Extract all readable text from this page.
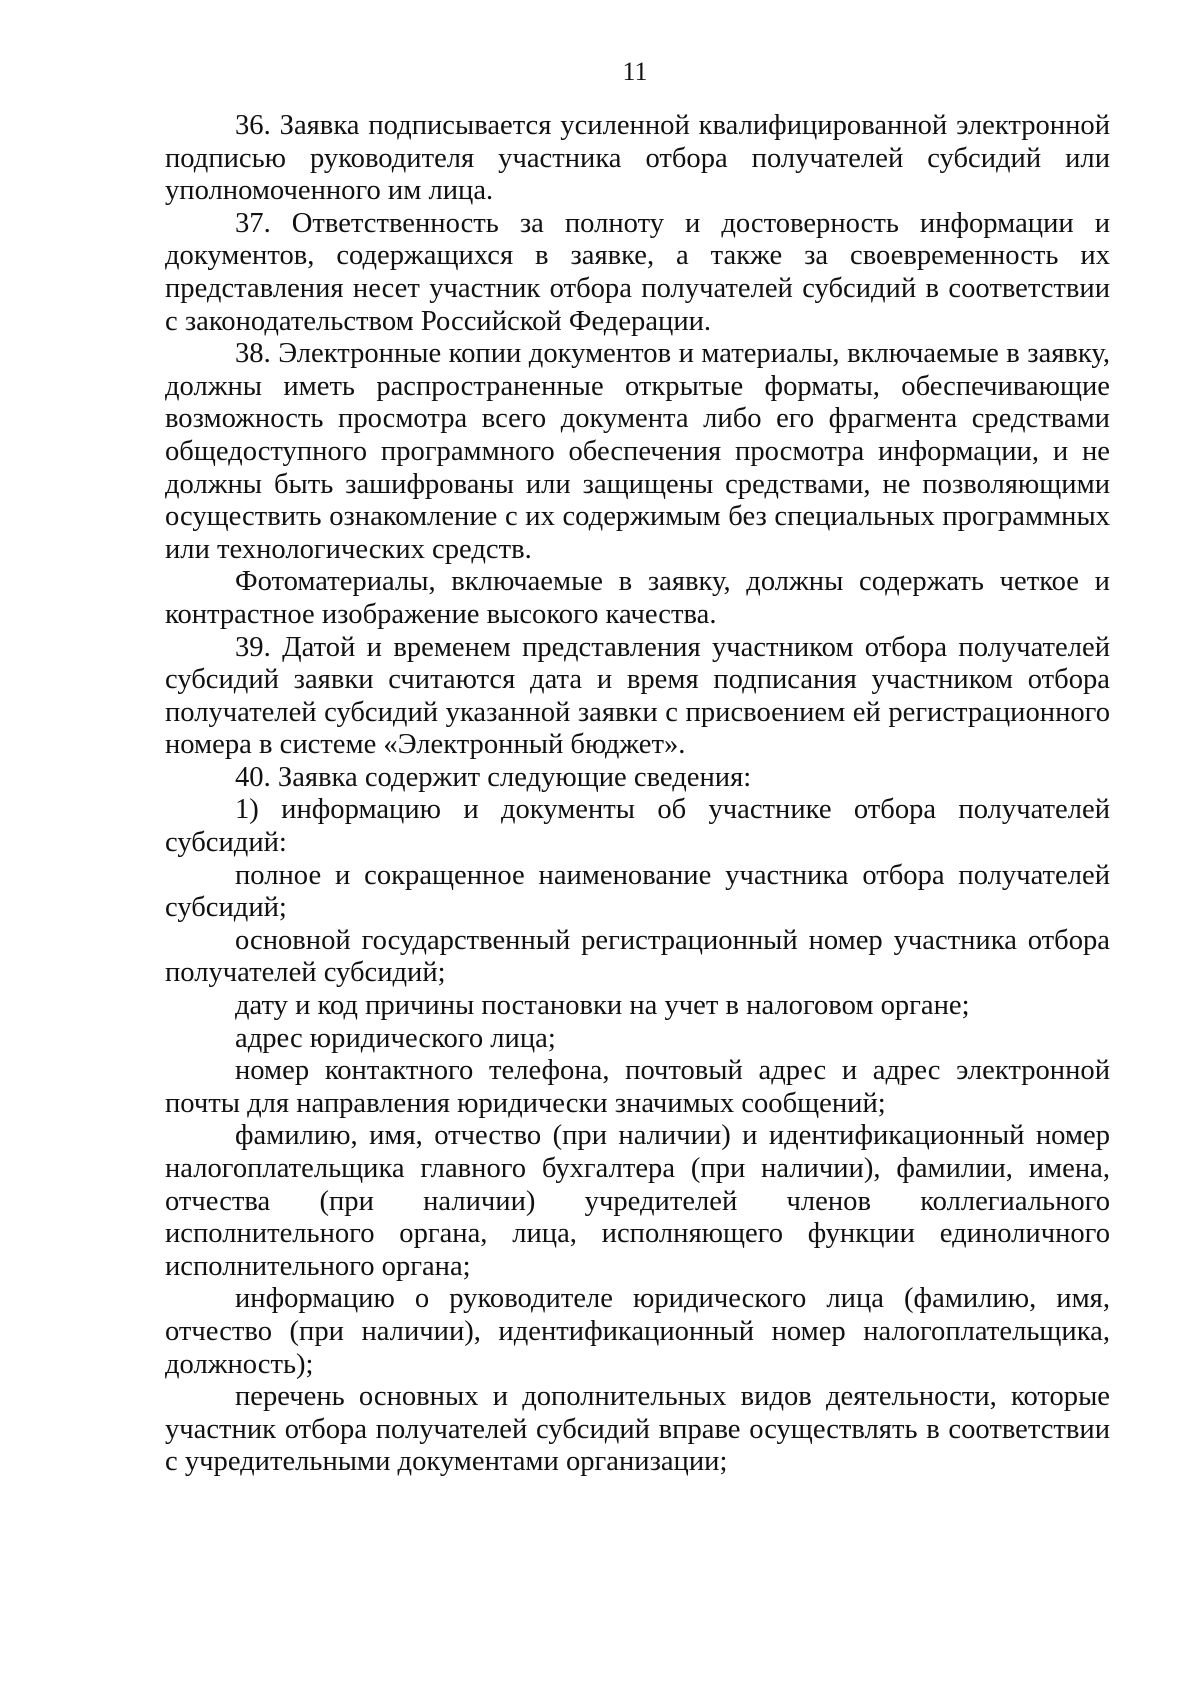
11

36. Заявка подписывается усиленной квалифицированной электронной подписью руководителя участника отбора получателей субсидий или уполномоченного им лица.

37. Ответственность за полноту и достоверность информации и документов, содержащихся в заявке, а также за своевременность их представления несет участник отбора получателей субсидий в соответствии с законодательством Российской Федерации.

38. Электронные копии документов и материалы, включаемые в заявку, должны иметь распространенные открытые форматы, обеспечивающие возможность просмотра всего документа либо его фрагмента средствами общедоступного программного обеспечения просмотра информации, и не должны быть зашифрованы или защищены средствами, не позволяющими осуществить ознакомление с их содержимым без специальных программных или технологических средств.

Фотоматериалы, включаемые в заявку, должны содержать четкое и контрастное изображение высокого качества.

39. Датой и временем представления участником отбора получателей субсидий заявки считаются дата и время подписания участником отбора получателей субсидий указанной заявки с присвоением ей регистрационного номера в системе «Электронный бюджет».

40. Заявка содержит следующие сведения:

1) информацию и документы об участнике отбора получателей субсидий:

полное и сокращенное наименование участника отбора получателей субсидий;

основной государственный регистрационный номер участника отбора получателей субсидий;

дату и код причины постановки на учет в налоговом органе;

адрес юридического лица;

номер контактного телефона, почтовый адрес и адрес электронной почты для направления юридически значимых сообщений;

фамилию, имя, отчество (при наличии) и идентификационный номер налогоплательщика главного бухгалтера (при наличии), фамилии, имена, отчества (при наличии) учредителей членов коллегиального исполнительного органа, лица, исполняющего функции единоличного исполнительного органа;

информацию о руководителе юридического лица (фамилию, имя, отчество (при наличии), идентификационный номер налогоплательщика, должность);

перечень основных и дополнительных видов деятельности, которые участник отбора получателей субсидий вправе осуществлять в соответствии с учредительными документами организации;
